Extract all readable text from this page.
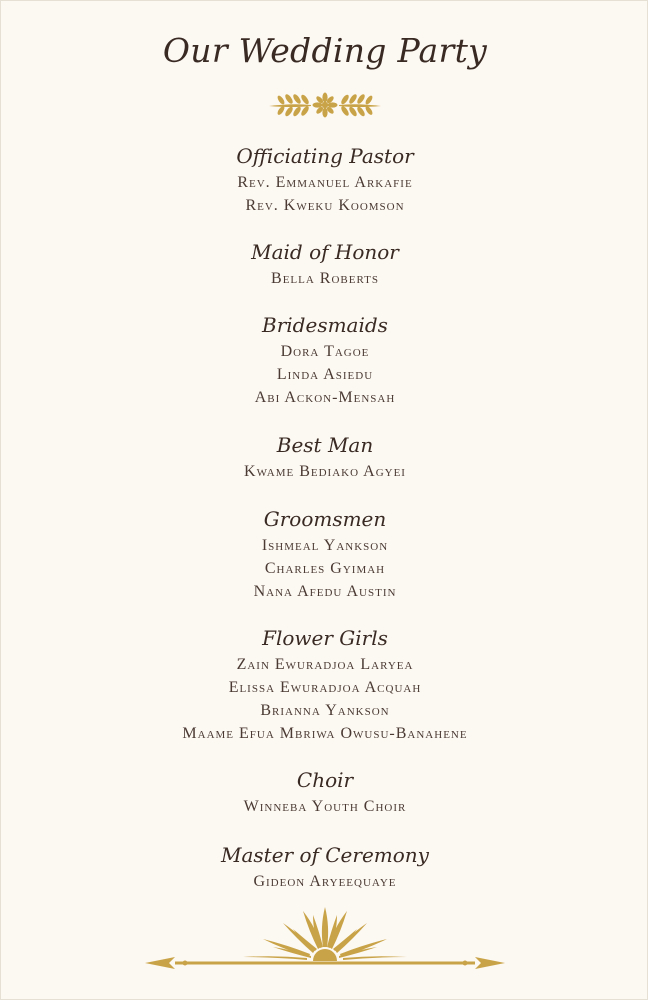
Our Wedding Party
Officiating Pastor
Rev. Emmanuel Arkafie
Rev. Kweku Koomson
Maid of Honor
Bella Roberts
Bridesmaids
Dora Tagoe
Linda Asiedu
Abi Ackon-Mensah
Best Man
Kwame Bediako Agyei
Groomsmen
Ishmeal Yankson
Charles Gyimah
Nana Afedu Austin
Flower Girls
Zain Ewuradjoa Laryea
Elissa Ewuradjoa Acquah
Brianna Yankson
Maame Efua Mbriwa Owusu-Banahene
Choir
Winneba Youth Choir
Master of Ceremony
Gideon Aryeequaye
